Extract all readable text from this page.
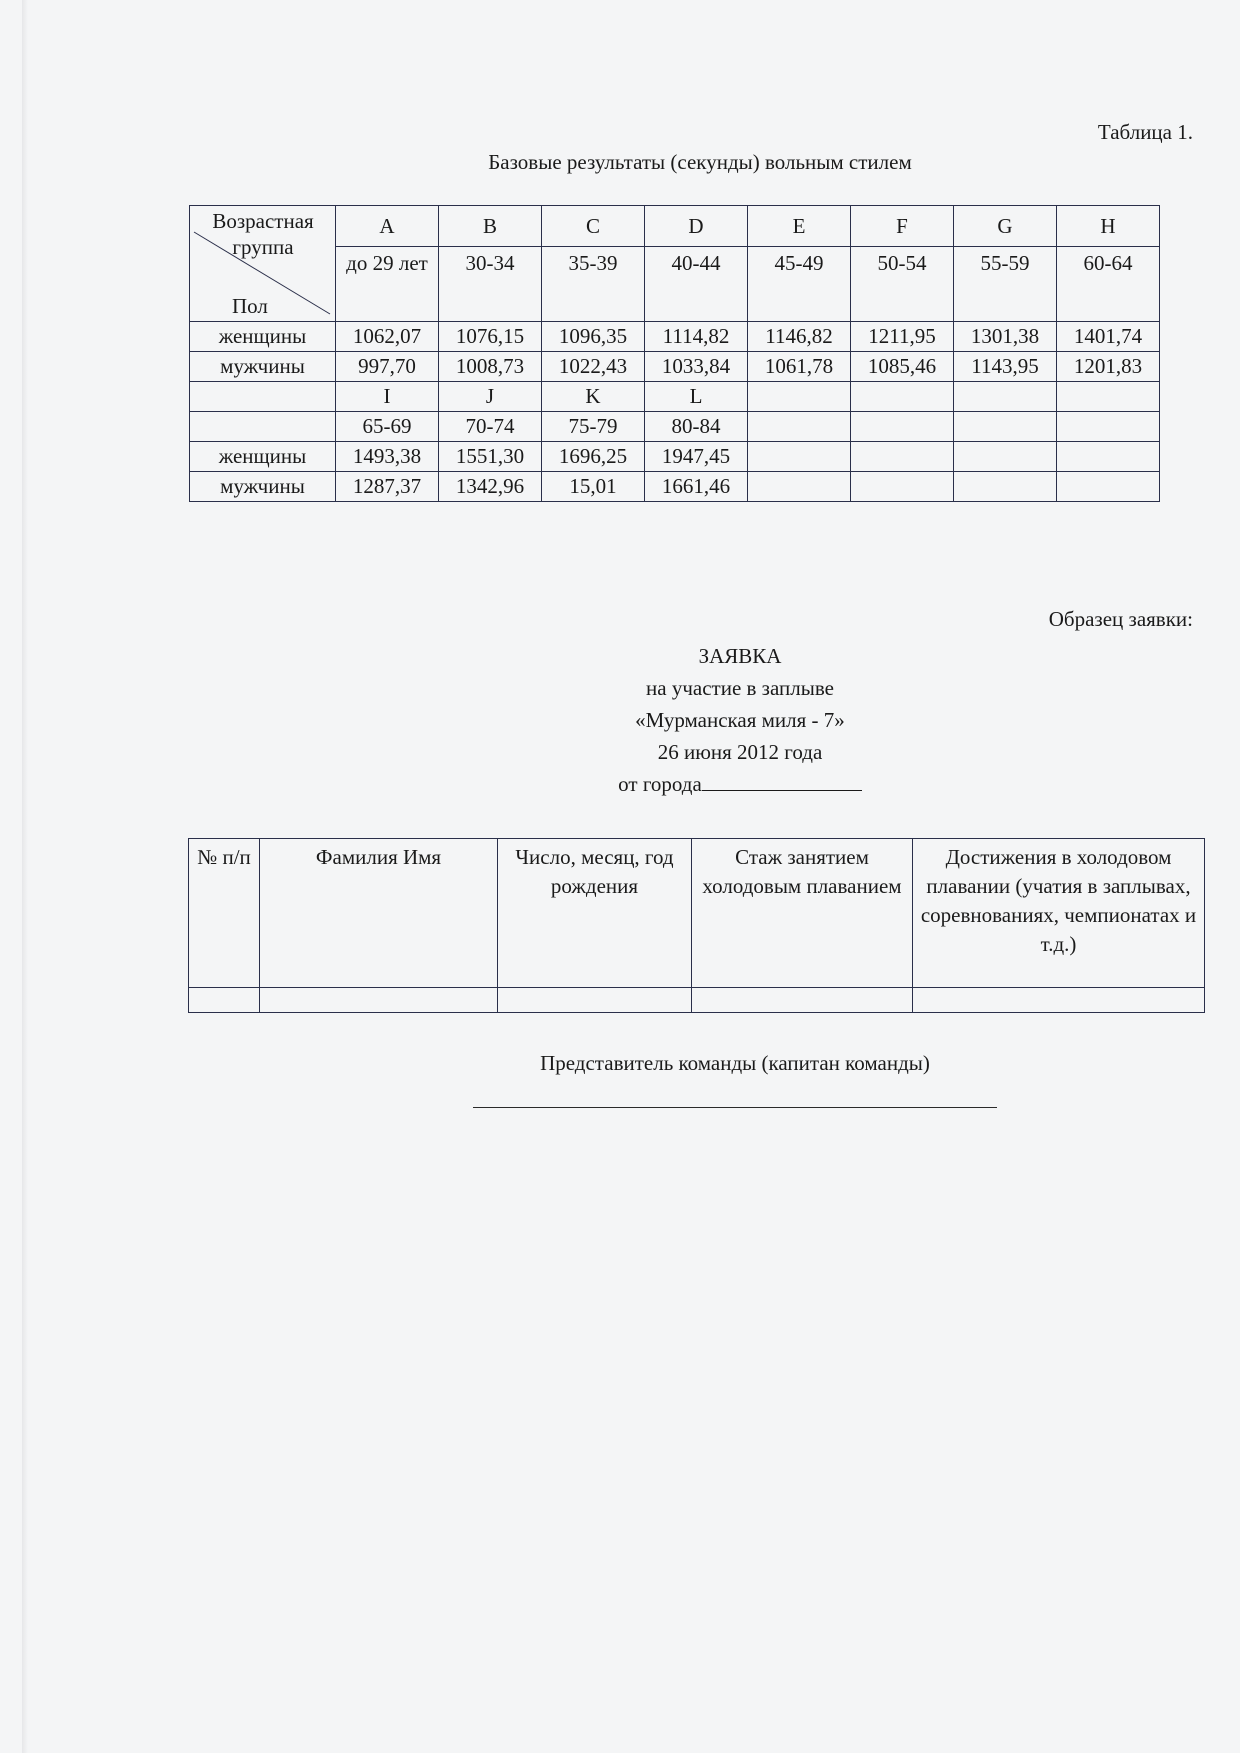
Таблица 1.
Базовые результаты (секунды) вольным стилем
Возрастная группа
Пол	A	B	C	D	E	F	G	H
	до 29 лет	30-34	35-39	40-44	45-49	50-54	55-59	60-64
женщины	1062,07	1076,15	1096,35	1114,82	1146,82	1211,95	1301,38	1401,74
мужчины	997,70	1008,73	1022,43	1033,84	1061,78	1085,46	1143,95	1201,83
	I	J	K	L				
	65-69	70-74	75-79	80-84				
женщины	1493,38	1551,30	1696,25	1947,45				
мужчины	1287,37	1342,96	15,01	1661,46				
Образец заявки:
ЗАЯВКА
на участие в заплыве
«Мурманская миля - 7»
26 июня 2012 года
от города
№ п/п	Фамилия Имя	Число, месяц, год рождения	Стаж занятием холодовым плаванием	Достижения в холодовом плавании (учатия в заплывах, соревнованиях, чемпионатах и т.д.)

Представитель команды (капитан команды)
